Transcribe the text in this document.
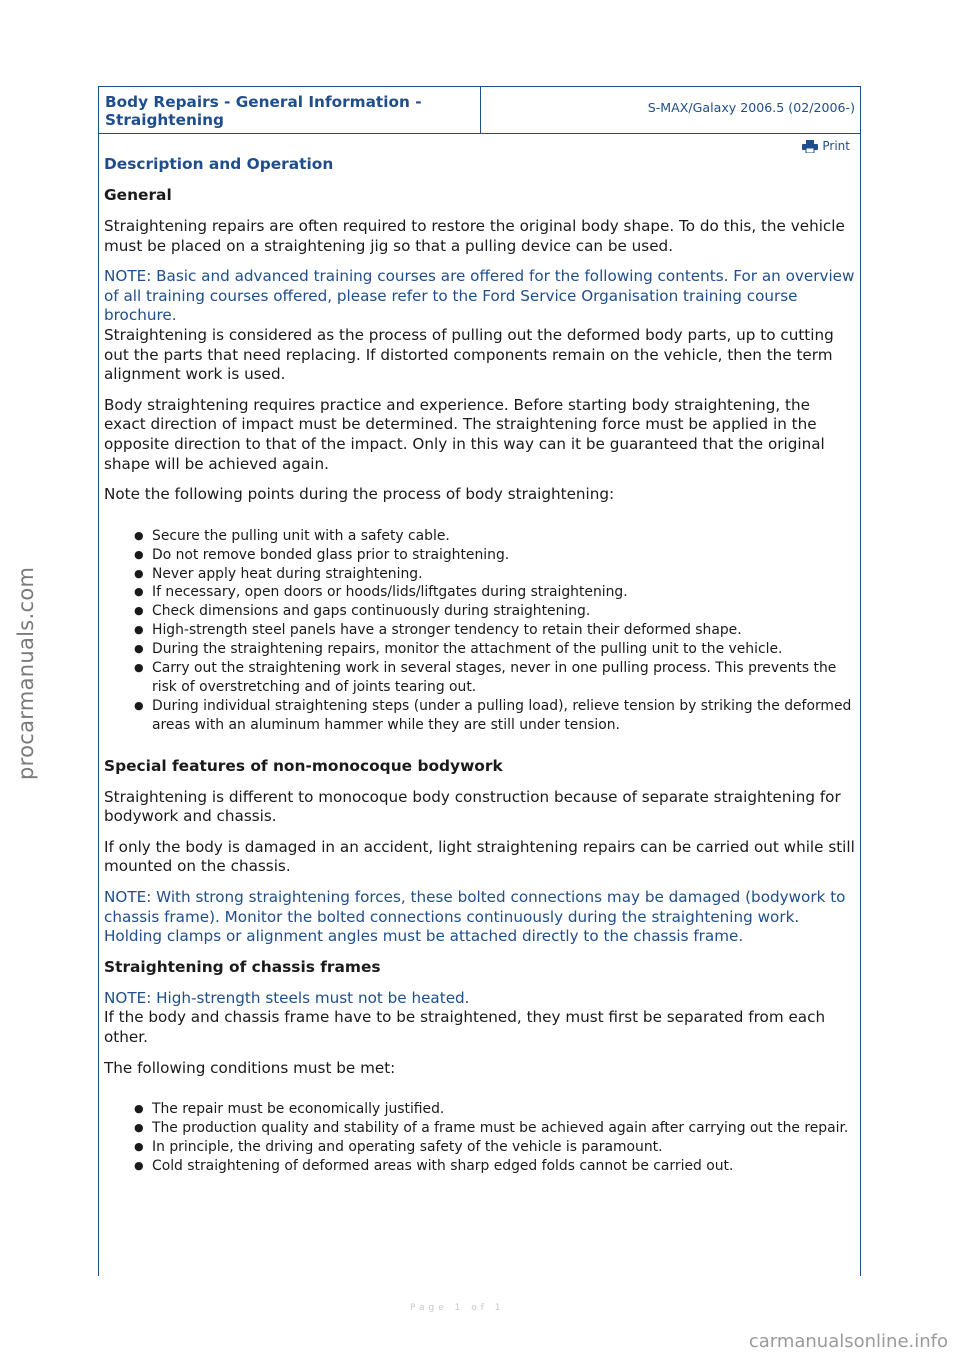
procarmanuals.com
Body Repairs - General Information - Straightening
S-MAX/Galaxy 2006.5 (02/2006-)
Print
Description and Operation
General

Straightening repairs are often required to restore the original body shape. To do this, the vehicle must be placed on a straightening jig so that a pulling device can be used.

NOTE: Basic and advanced training courses are offered for the following contents. For an overview of all training courses offered, please refer to the Ford Service Organisation training course brochure.

Straightening is considered as the process of pulling out the deformed body parts, up to cutting out the parts that need replacing. If distorted components remain on the vehicle, then the term alignment work is used.

Body straightening requires practice and experience. Before starting body straightening, the exact direction of impact must be determined. The straightening force must be applied in the opposite direction to that of the impact. Only in this way can it be guaranteed that the original shape will be achieved again.

Note the following points during the process of body straightening:

● Secure the pulling unit with a safety cable.
● Do not remove bonded glass prior to straightening.
● Never apply heat during straightening.
● If necessary, open doors or hoods/lids/liftgates during straightening.
● Check dimensions and gaps continuously during straightening.
● High-strength steel panels have a stronger tendency to retain their deformed shape.
● During the straightening repairs, monitor the attachment of the pulling unit to the vehicle.
● Carry out the straightening work in several stages, never in one pulling process. This prevents the risk of overstretching and of joints tearing out.
● During individual straightening steps (under a pulling load), relieve tension by striking the deformed areas with an aluminum hammer while they are still under tension.
Special features of non-monocoque bodywork

Straightening is different to monocoque body construction because of separate straightening for bodywork and chassis.

If only the body is damaged in an accident, light straightening repairs can be carried out while still mounted on the chassis.

NOTE: With strong straightening forces, these bolted connections may be damaged (bodywork to chassis frame). Monitor the bolted connections continuously during the straightening work. Holding clamps or alignment angles must be attached directly to the chassis frame.

Straightening of chassis frames

NOTE: High-strength steels must not be heated.

If the body and chassis frame have to be straightened, they must first be separated from each other.

The following conditions must be met:

● The repair must be economically justified.
● The production quality and stability of a frame must be achieved again after carrying out the repair.
● In principle, the driving and operating safety of the vehicle is paramount.
● Cold straightening of deformed areas with sharp edged folds cannot be carried out.
Page 1 of 1
carmanualsonline.info
